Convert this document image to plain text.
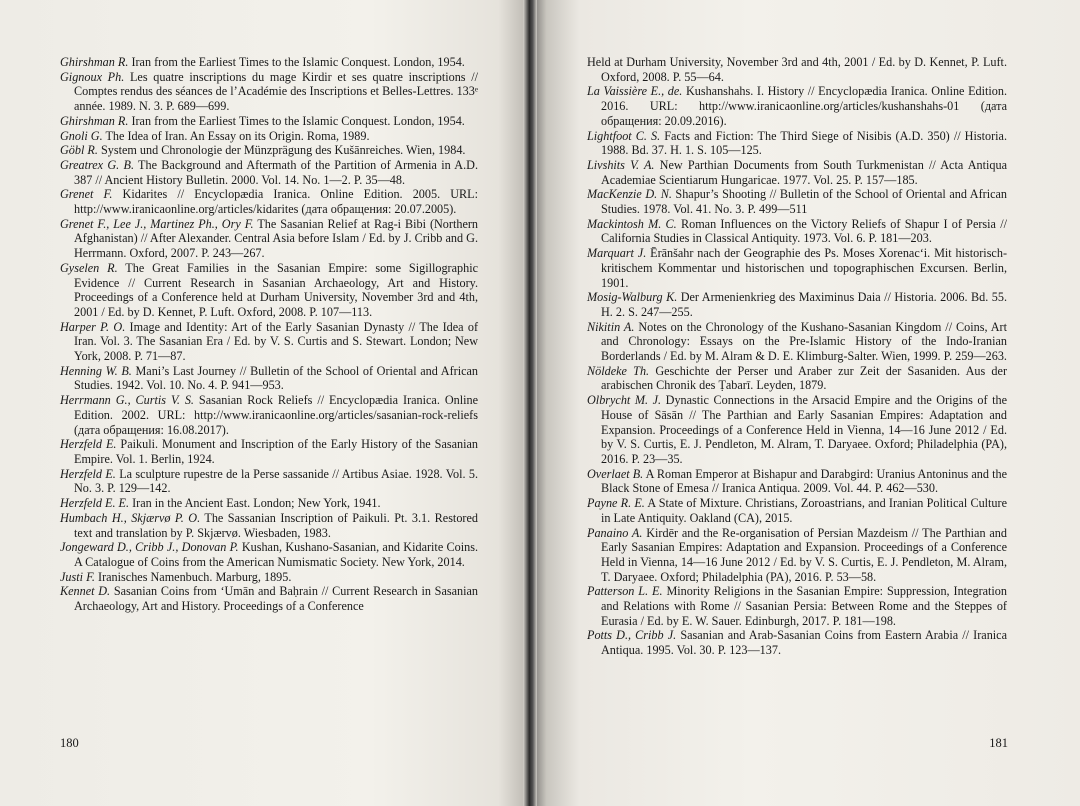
Ghirshman R. Iran from the Earliest Times to the Islamic Conquest. London, 1954.
Gignoux Ph. Les quatre inscriptions du mage Kirdir et ses quatre inscriptions // Comptes rendus des séances de l’Académie des Inscriptions et Belles-Lettres. 133ᵉ année. 1989. N. 3. P. 689—699.
Ghirshman R. Iran from the Earliest Times to the Islamic Conquest. London, 1954.
Gnoli G. The Idea of Iran. An Essay on its Origin. Roma, 1989.
Göbl R. System und Chronologie der Münzprägung des Kušānreiches. Wien, 1984.
Greatrex G. B. The Background and Aftermath of the Partition of Armenia in A.D. 387 // Ancient History Bulletin. 2000. Vol. 14. No. 1—2. P. 35—48.
Grenet F. Kidarites // Encyclopædia Iranica. Online Edition. 2005. URL: http://www.iranicaonline.org/articles/kidarites (дата обращения: 20.07.2005).
Grenet F., Lee J., Martinez Ph., Ory F. The Sasanian Relief at Rag-i Bibi (Northern Afghanistan) // After Alexander. Central Asia before Islam / Ed. by J. Cribb and G. Herrmann. Oxford, 2007. P. 243—267.
Gyselen R. The Great Families in the Sasanian Empire: some Sigillographic Evidence // Current Research in Sasanian Archaeology, Art and History. Proceedings of a Conference held at Durham University, November 3rd and 4th, 2001 / Ed. by D. Kennet, P. Luft. Oxford, 2008. P. 107—113.
Harper P. O. Image and Identity: Art of the Early Sasanian Dynasty // The Idea of Iran. Vol. 3. The Sasanian Era / Ed. by V. S. Curtis and S. Stewart. London; New York, 2008. P. 71—87.
Henning W. B. Mani’s Last Journey // Bulletin of the School of Oriental and African Studies. 1942. Vol. 10. No. 4. P. 941—953.
Herrmann G., Curtis V. S. Sasanian Rock Reliefs // Encyclopædia Iranica. Online Edition. 2002. URL: http://www.iranicaonline.org/articles/sasanian-rock-reliefs (дата обращения: 16.08.2017).
Herzfeld E. Paikuli. Monument and Inscription of the Early History of the Sasanian Empire. Vol. 1. Berlin, 1924.
Herzfeld E. La sculpture rupestre de la Perse sassanide // Artibus Asiae. 1928. Vol. 5. No. 3. P. 129—142.
Herzfeld E. E. Iran in the Ancient East. London; New York, 1941.
Humbach H., Skjærvø P. O. The Sassanian Inscription of Paikuli. Pt. 3.1. Restored text and translation by P. Skjærvø. Wiesbaden, 1983.
Jongeward D., Cribb J., Donovan P. Kushan, Kushano-Sasanian, and Kidarite Coins. A Catalogue of Coins from the American Numismatic Society. New York, 2014.
Justi F. Iranisches Namenbuch. Marburg, 1895.
Kennet D. Sasanian Coins from ‘Umān and Baḥrain // Current Research in Sasanian Archaeology, Art and History. Proceedings of a Conference
180
Held at Durham University, November 3rd and 4th, 2001 / Ed. by D. Kennet, P. Luft. Oxford, 2008. P. 55—64.
La Vaissière E., de. Kushanshahs. I. History // Encyclopædia Iranica. Online Edition. 2016. URL: http://www.iranicaonline.org/articles/kushanshahs-01 (дата обращения: 20.09.2016).
Lightfoot C. S. Facts and Fiction: The Third Siege of Nisibis (A.D. 350) // Historia. 1988. Bd. 37. H. 1. S. 105—125.
Livshits V. A. New Parthian Documents from South Turkmenistan // Acta Antiqua Academiae Scientiarum Hungaricae. 1977. Vol. 25. P. 157—185.
MacKenzie D. N. Shapur’s Shooting // Bulletin of the School of Oriental and African Studies. 1978. Vol. 41. No. 3. P. 499—511
Mackintosh M. C. Roman Influences on the Victory Reliefs of Shapur I of Persia // California Studies in Classical Antiquity. 1973. Vol. 6. P. 181—203.
Marquart J. Ērānšahr nach der Geographie des Ps. Moses Xorenac‘i. Mit historisch-kritischem Kommentar und historischen und topographischen Excursen. Berlin, 1901.
Mosig-Walburg K. Der Armenienkrieg des Maximinus Daia // Historia. 2006. Bd. 55. H. 2. S. 247—255.
Nikitin A. Notes on the Chronology of the Kushano-Sasanian Kingdom // Coins, Art and Chronology: Essays on the Pre-Islamic History of the Indo-Iranian Borderlands / Ed. by M. Alram & D. E. Klimburg-Salter. Wien, 1999. P. 259—263.
Nöldeke Th. Geschichte der Perser und Araber zur Zeit der Sasaniden. Aus der arabischen Chronik des Ṭabarī. Leyden, 1879.
Olbrycht M. J. Dynastic Connections in the Arsacid Empire and the Origins of the House of Sāsān // The Parthian and Early Sasanian Empires: Adaptation and Expansion. Proceedings of a Conference Held in Vienna, 14—16 June 2012 / Ed. by V. S. Curtis, E. J. Pendleton, M. Alram, T. Daryaee. Oxford; Philadelphia (PA), 2016. P. 23—35.
Overlaet B. A Roman Emperor at Bishapur and Darabgird: Uranius Antoninus and the Black Stone of Emesa // Iranica Antiqua. 2009. Vol. 44. P. 462—530.
Payne R. E. A State of Mixture. Christians, Zoroastrians, and Iranian Political Culture in Late Antiquity. Oakland (CA), 2015.
Panaino A. Kirdēr and the Re-organisation of Persian Mazdeism // The Parthian and Early Sasanian Empires: Adaptation and Expansion. Proceedings of a Conference Held in Vienna, 14—16 June 2012 / Ed. by V. S. Curtis, E. J. Pendleton, M. Alram, T. Daryaee. Oxford; Philadelphia (PA), 2016. P. 53—58.
Patterson L. E. Minority Religions in the Sasanian Empire: Suppression, Integration and Relations with Rome // Sasanian Persia: Between Rome and the Steppes of Eurasia / Ed. by E. W. Sauer. Edinburgh, 2017. P. 181—198.
Potts D., Cribb J. Sasanian and Arab-Sasanian Coins from Eastern Arabia // Iranica Antiqua. 1995. Vol. 30. P. 123—137.
181
